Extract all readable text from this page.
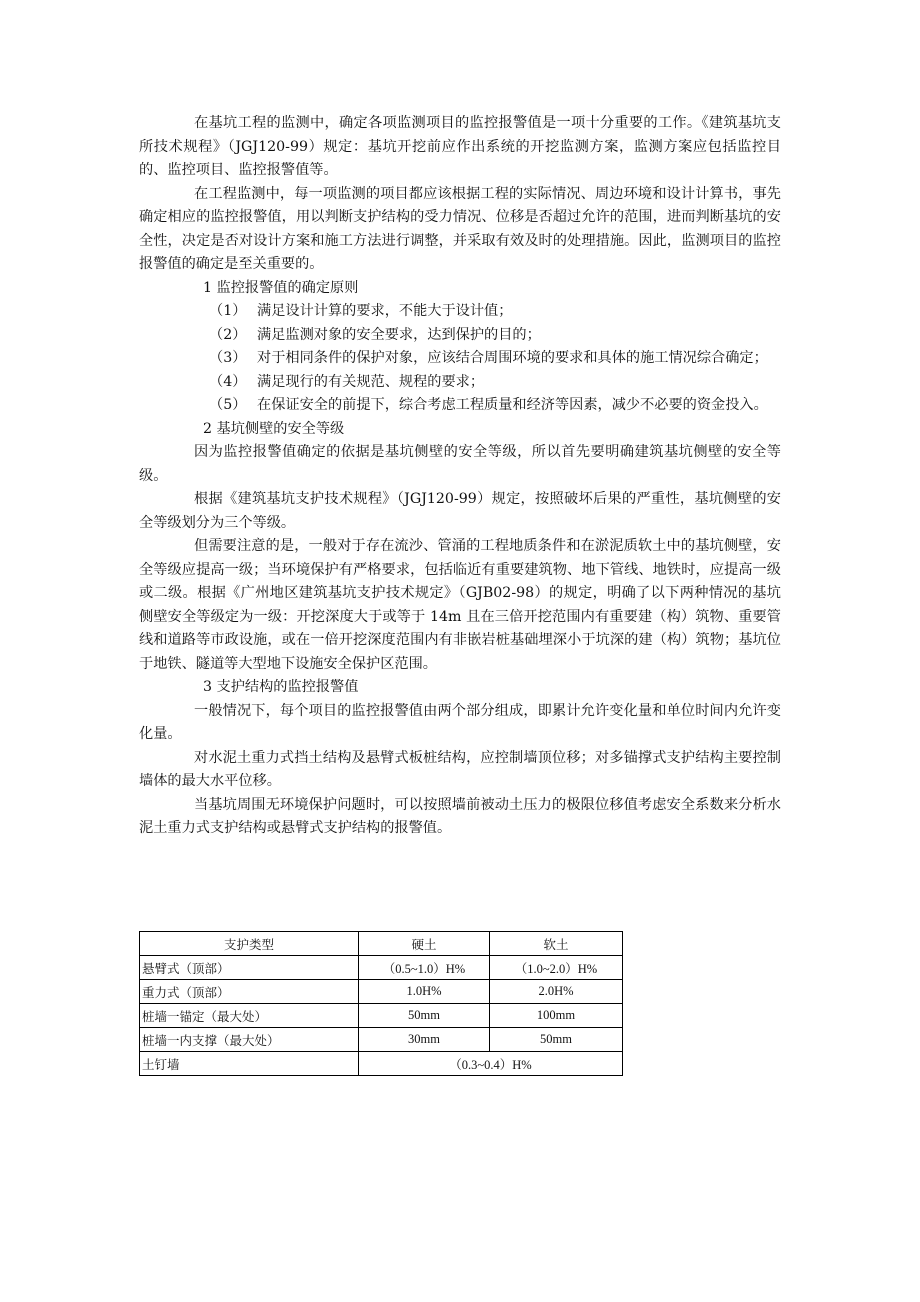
在基坑工程的监测中，确定各项监测项目的监控报警值是一项十分重要的工作。《建筑基坑支所技术规程》（JGJ120-99）规定：基坑开挖前应作出系统的开挖监测方案，监测方案应包括监控目的、监控项目、监控报警值等。

在工程监测中，每一项监测的项目都应该根据工程的实际情况、周边环境和设计计算书，事先确定相应的监控报警值，用以判断支护结构的受力情况、位移是否超过允许的范围，进而判断基坑的安全性，决定是否对设计方案和施工方法进行调整，并采取有效及时的处理措施。因此，监测项目的监控报警值的确定是至关重要的。

1 监控报警值的确定原则

（1） 满足设计计算的要求，不能大于设计值；

（2） 满足监测对象的安全要求，达到保护的目的；

（3） 对于相同条件的保护对象，应该结合周围环境的要求和具体的施工情况综合确定；

（4） 满足现行的有关规范、规程的要求；

（5） 在保证安全的前提下，综合考虑工程质量和经济等因素，减少不必要的资金投入。

2 基坑侧壁的安全等级

因为监控报警值确定的依据是基坑侧壁的安全等级，所以首先要明确建筑基坑侧壁的安全等级。

根据《建筑基坑支护技术规程》（JGJ120-99）规定，按照破坏后果的严重性，基坑侧壁的安全等级划分为三个等级。

但需要注意的是，一般对于存在流沙、管涌的工程地质条件和在淤泥质软土中的基坑侧壁，安全等级应提高一级；当环境保护有严格要求，包括临近有重要建筑物、地下管线、地铁时，应提高一级或二级。根据《广州地区建筑基坑支护技术规定》（GJB02-98）的规定，明确了以下两种情况的基坑侧壁安全等级定为一级：开挖深度大于或等于 14m 且在三倍开挖范围内有重要建（构）筑物、重要管线和道路等市政设施，或在一倍开挖深度范围内有非嵌岩桩基础埋深小于坑深的建（构）筑物；基坑位于地铁、隧道等大型地下设施安全保护区范围。

3 支护结构的监控报警值

一般情况下，每个项目的监控报警值由两个部分组成，即累计允许变化量和单位时间内允许变化量。

对水泥土重力式挡土结构及悬臂式板桩结构，应控制墙顶位移；对多锚撑式支护结构主要控制墙体的最大水平位移。

当基坑周围无环境保护问题时，可以按照墙前被动土压力的极限位移值考虑安全系数来分析水泥土重力式支护结构或悬臂式支护结构的报警值。

支护类型	硬土	软土
悬臂式（顶部）	（0.5~1.0）H%	（1.0~2.0）H%
重力式（顶部）	1.0H%	2.0H%
桩墙一锚定（最大处）	50mm	100mm
桩墙一内支撑（最大处）	30mm	50mm
土钉墙	（0.3~0.4）H%	
